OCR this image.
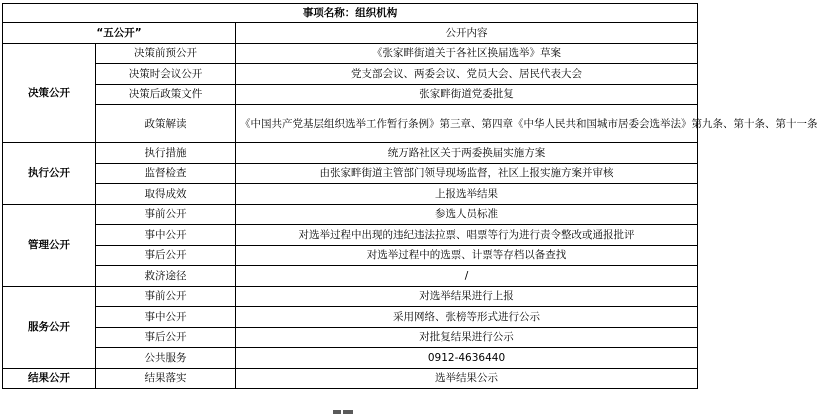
事项名称：组织机构		
“五公开”		公开内容
决策公开	决策前预公开	《张家畔街道关于各社区换届选举》草案
	决策时会议公开	党支部会议、两委会议、党员大会、居民代表大会
	决策后政策文件	张家畔街道党委批复
	政策解读	《中国共产党基层组织选举工作暂行条例》第三章、第四章《中华人民共和国城市居委会选举法》第九条、第十条、第十一条
执行公开	执行措施	统万路社区关于两委换届实施方案
	监督检查	由张家畔街道主管部门领导现场监督，社区上报实施方案并审核
	取得成效	上报选举结果
管理公开	事前公开	参选人员标准
	事中公开	对选举过程中出现的违纪违法拉票、唱票等行为进行责令整改或通报批评
	事后公开	对选举过程中的选票、计票等存档以备查找
	救济途径	/
服务公开	事前公开	对选举结果进行上报
	事中公开	采用网络、张榜等形式进行公示
	事后公开	对批复结果进行公示
	公共服务	0912-4636440
结果公开	结果落实	选举结果公示
